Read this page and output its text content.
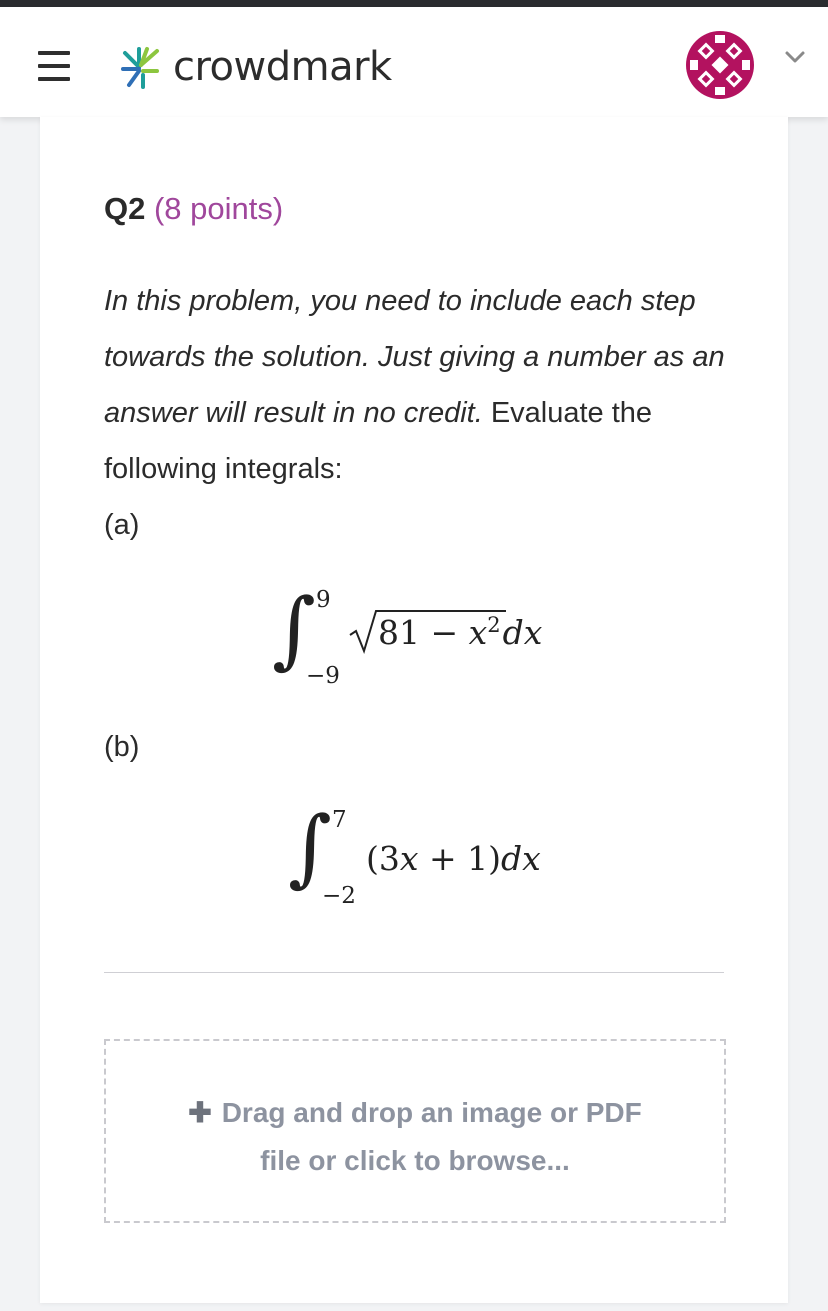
crowdmark
Q2 (8 points)
In this problem, you need to include each step towards the solution. Just giving a number as an answer will result in no credit. Evaluate the following integrals:
(a)
∫ 9
−9
$81 - x^2dx$
(b)
∫ 7
−2
(3x + 1)dx
✚ Drag and drop an image or PDF
file or click to browse...
